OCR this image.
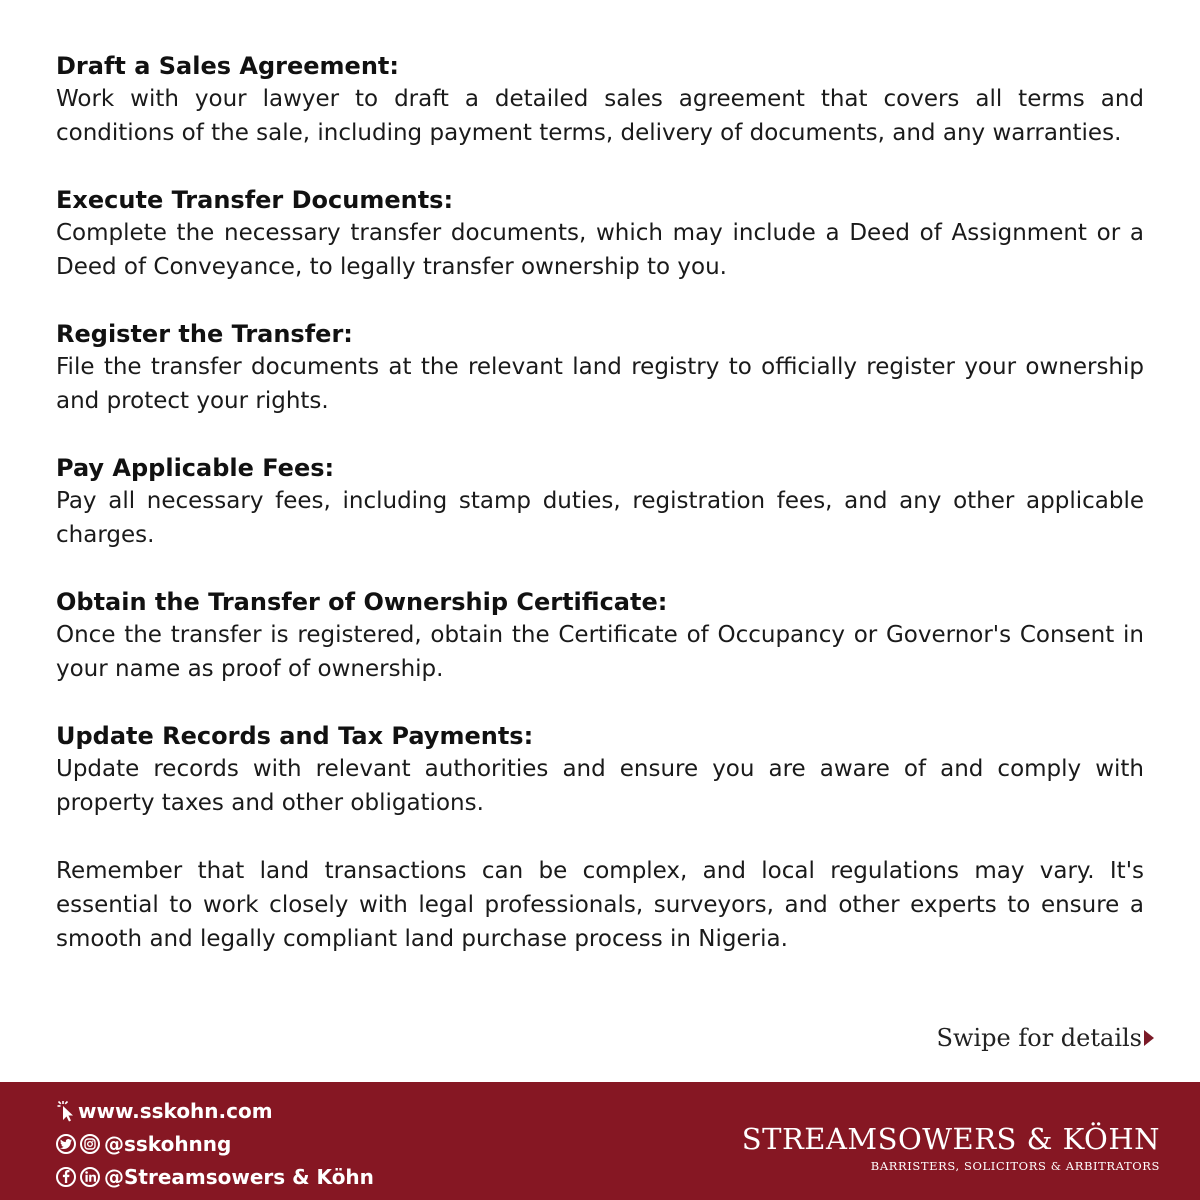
Draft a Sales Agreement:

Work with your lawyer to draft a detailed sales agreement that covers all terms and conditions of the sale, including payment terms, delivery of documents, and any warranties.

Execute Transfer Documents:

Complete the necessary transfer documents, which may include a Deed of Assignment or a Deed of Conveyance, to legally transfer ownership to you.

Register the Transfer:

File the transfer documents at the relevant land registry to officially register your ownership and protect your rights.

Pay Applicable Fees:

Pay all necessary fees, including stamp duties, registration fees, and any other applicable charges.

Obtain the Transfer of Ownership Certificate:

Once the transfer is registered, obtain the Certificate of Occupancy or Governor's Consent in your name as proof of ownership.

Update Records and Tax Payments:

Update records with relevant authorities and ensure you are aware of and comply with property taxes and other obligations.

Remember that land transactions can be complex, and local regulations may vary. It's essential to work closely with legal professionals, surveyors, and other experts to ensure a smooth and legally compliant land purchase process in Nigeria.

Swipe for details
www.sskohn.com
@sskohnng
@Streamsowers & Köhn
STREAMSOWERS & KÖHN
BARRISTERS, SOLICITORS & ARBITRATORS
